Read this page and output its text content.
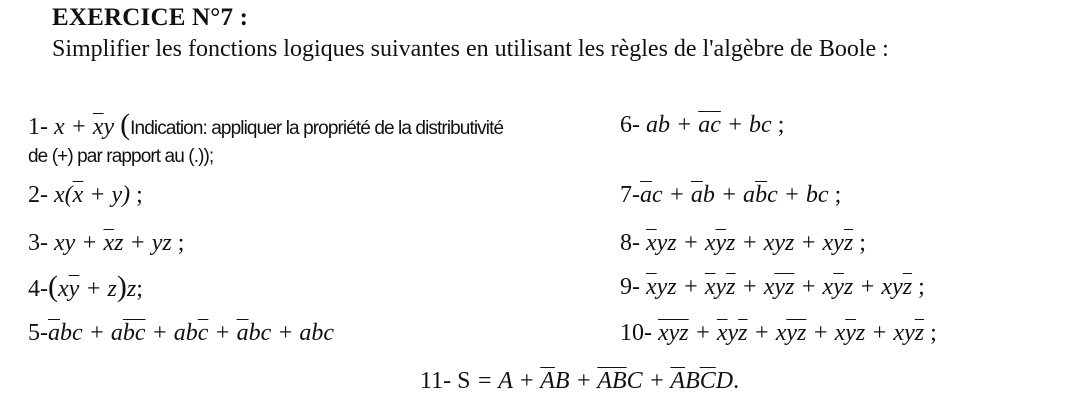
EXERCICE N°7 :
Simplifier les fonctions logiques suivantes en utilisant les règles de l'algèbre de Boole :
1- $x + \overline{x}y$ (Indication: appliquer la propriété de la distributivité
de (+) par rapport au (.));
2- $x(\overline{x} + y)$ ;
3- xy + $\overline{x}z$ + yz ;
$4-(x\overline{y} + z)z$;
$5-\overline{a}bc + a\overline{bc} + ab\overline{c} + \overline{a}bc$ + abc
6- ab + $\overline{a}\overline{c}$ + bc ;
$7-\overline{a}c + \overline{a}b + a\overline{b}c$ + bc ;
8- $\overline{x}yz + x\overline{y}z$ + xyz + $xy\overline{z}$ ;
9- $\overline{x}yz + \overline{x}y\overline{z} + x\overline{yz} + x\overline{y}z + xy\overline{z}$ ;
10- $\overline{xyz} + \overline{x}y\overline{z} + x\overline{yz} + x\overline{y}z + xy\overline{z}$ ;
11- $S = A + \overline{A}B + \overline{AB}C + \overline{A}B\overline{C}D$.
